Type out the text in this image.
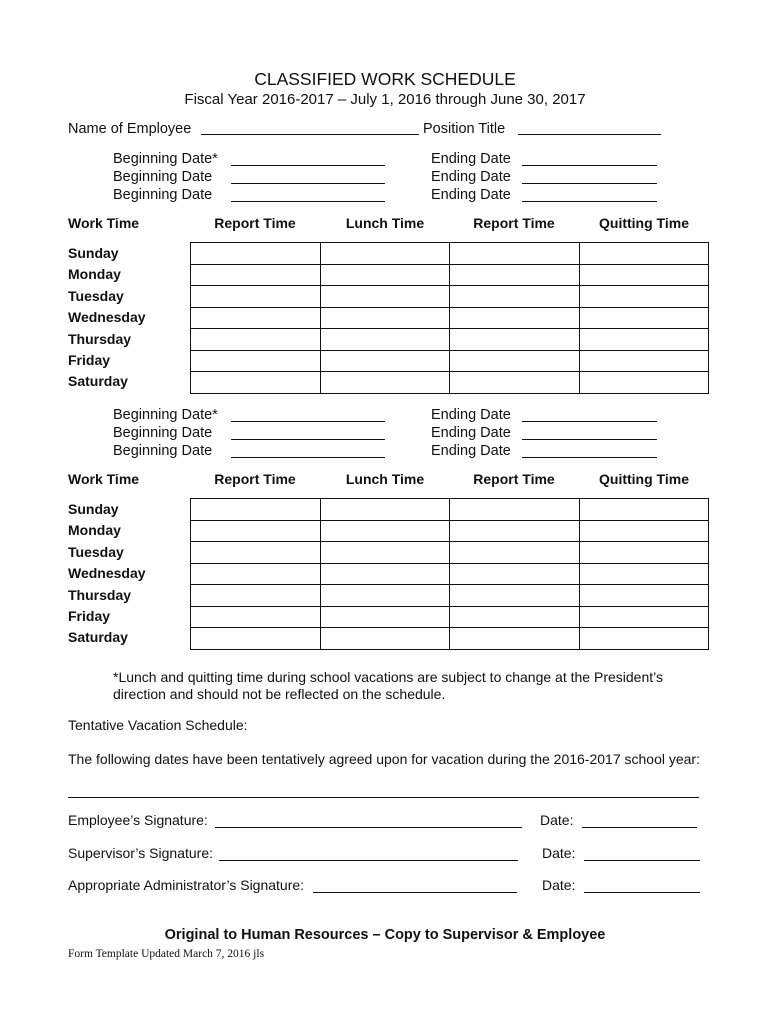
CLASSIFIED WORK SCHEDULE
Fiscal Year 2016-2017 – July 1, 2016 through June 30, 2017
Name of Employee	Position Title
Beginning Date*	Ending Date
Beginning Date	Ending Date
Beginning Date	Ending Date
Work Time	Report Time	Lunch Time	Report Time	Quitting Time

Sunday
Monday
Tuesday
Wednesday
Thursday
Friday
Saturday
Beginning Date*	Ending Date
Beginning Date	Ending Date
Beginning Date	Ending Date
Work Time	Report Time	Lunch Time	Report Time	Quitting Time

Sunday
Monday
Tuesday
Wednesday
Thursday
Friday
Saturday
*Lunch and quitting time during school vacations are subject to change at the President’s
direction and should not be reflected on the schedule.
Tentative Vacation Schedule:
The following dates have been tentatively agreed upon for vacation during the 2016-2017 school year:
Employee’s Signature:	Date:
Supervisor’s Signature:	Date:
Appropriate Administrator’s Signature:	Date:
Original to Human Resources – Copy to Supervisor & Employee
Form Template Updated March 7, 2016 jls
